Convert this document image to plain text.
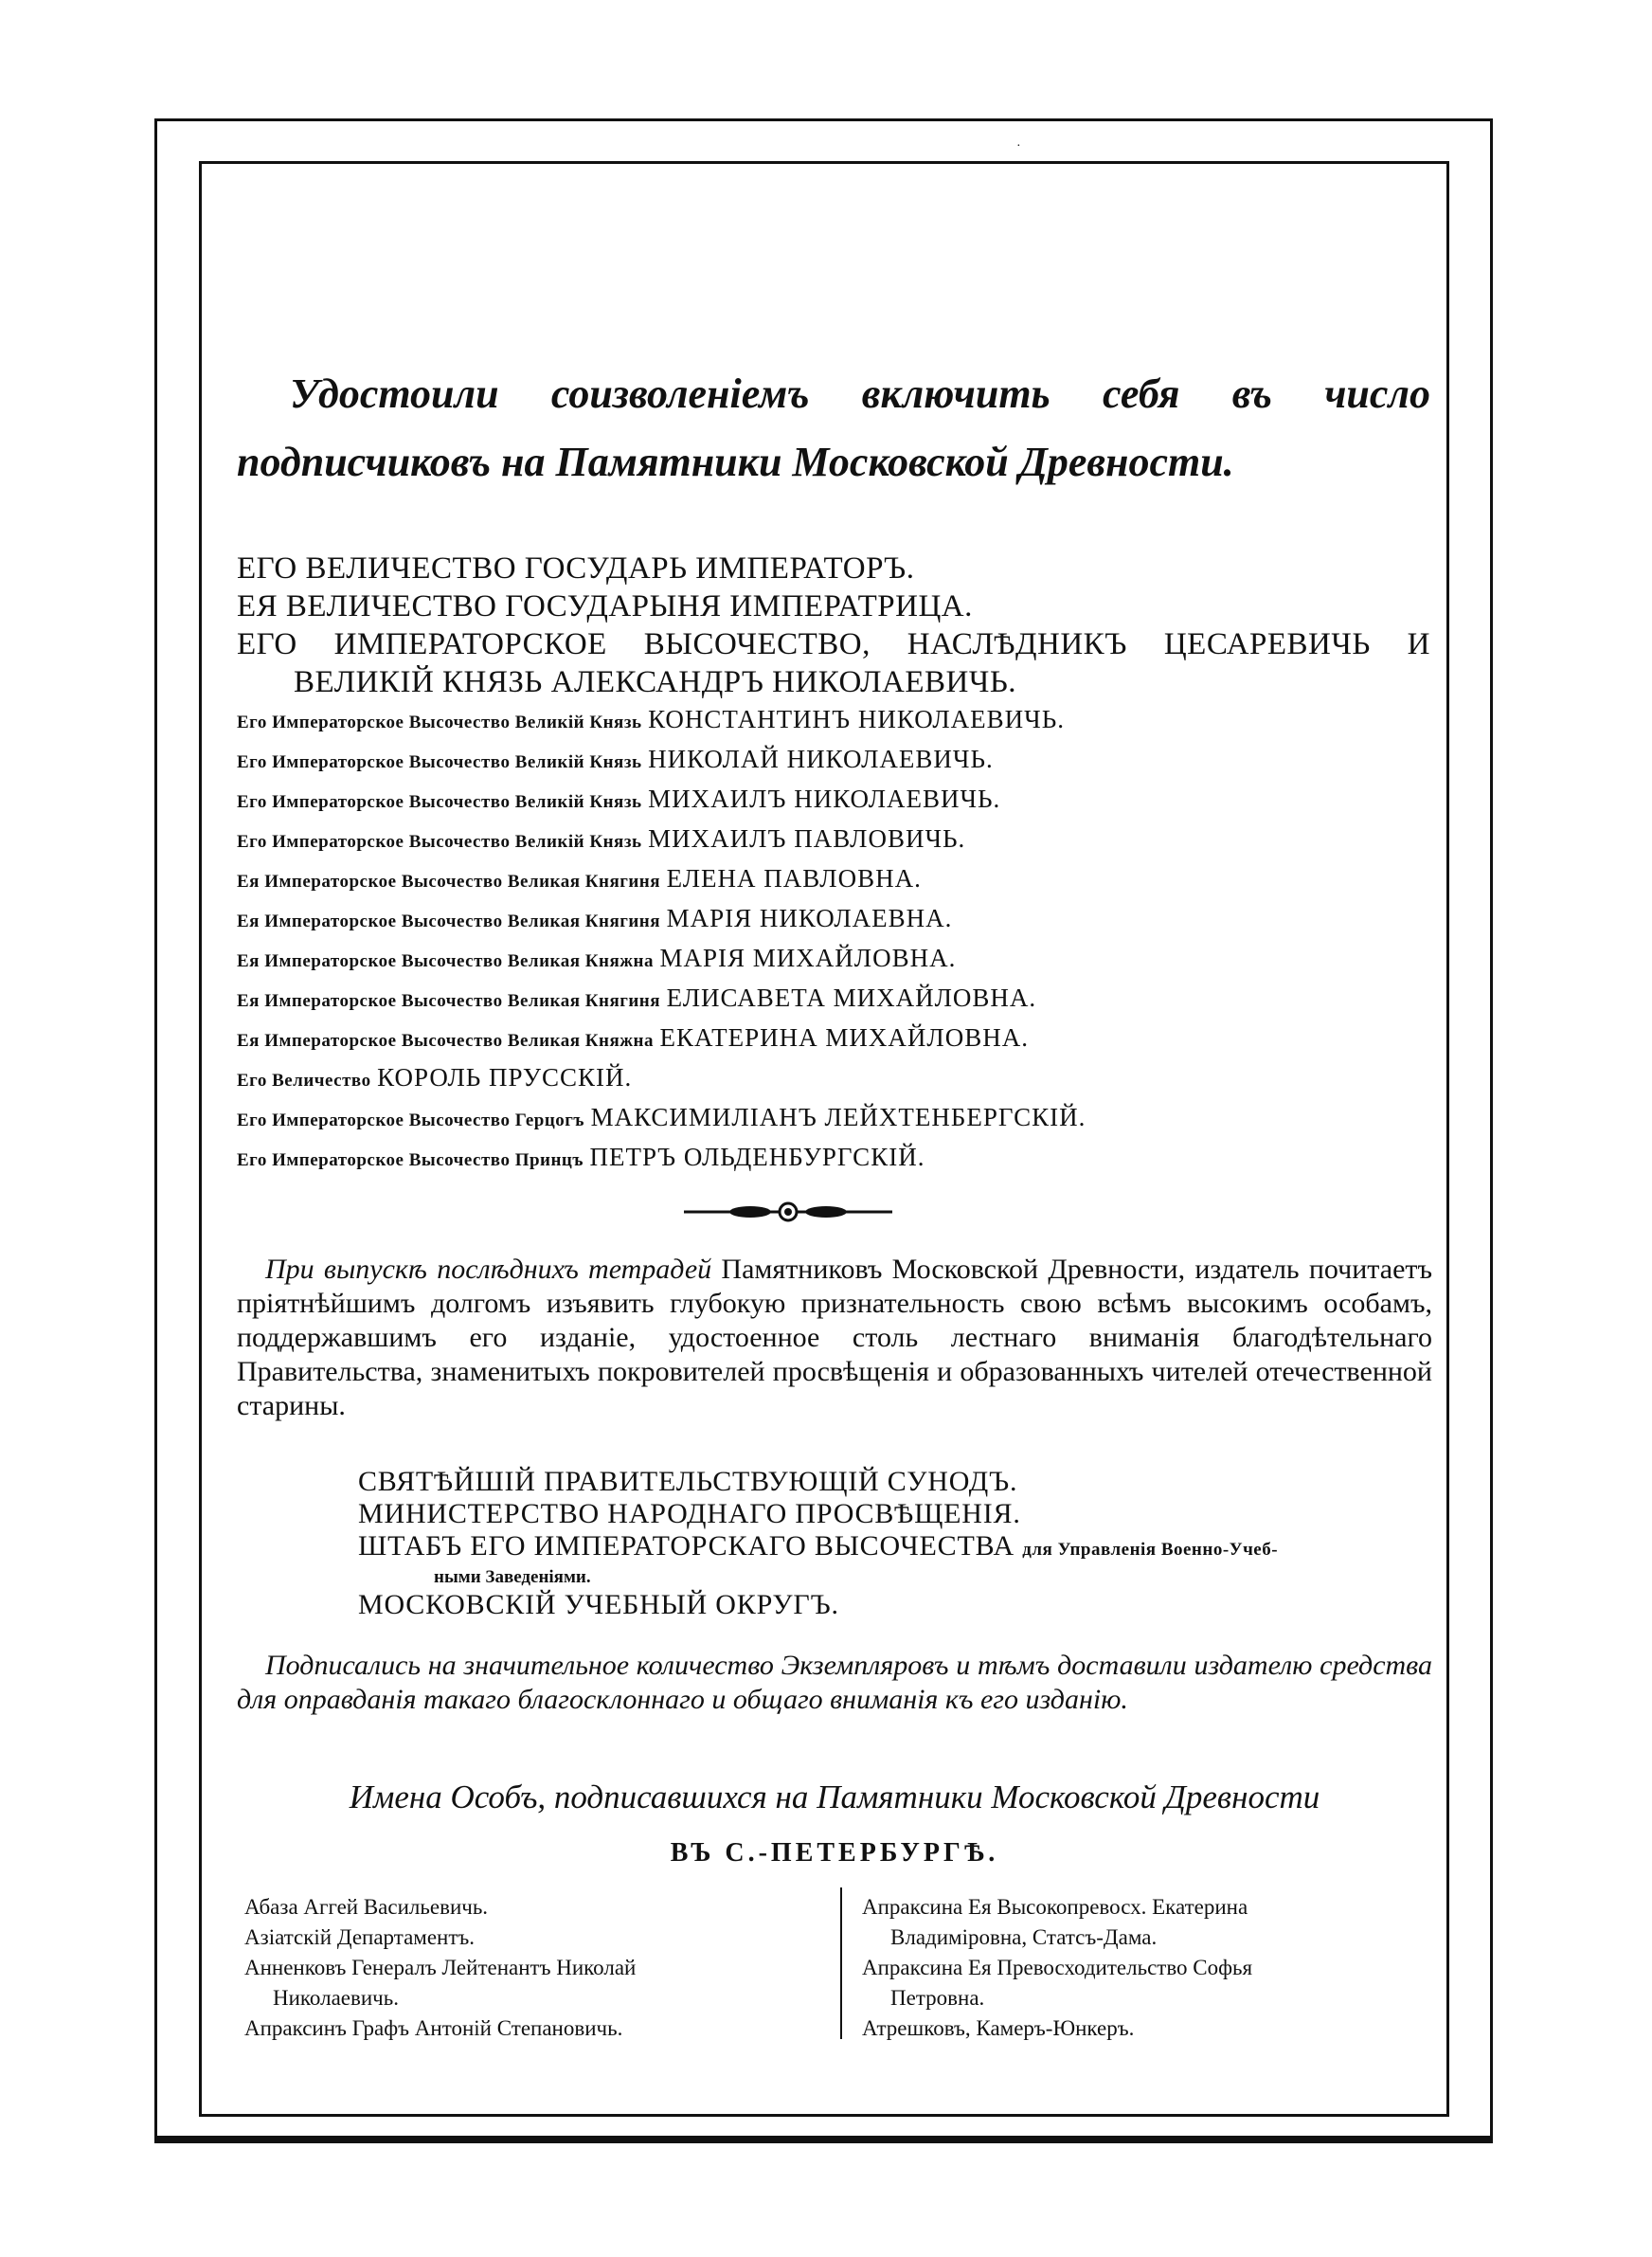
·
Удостоили соизволеніемъ включить себя въ число
подписчиковъ на Памятники Московской Древности.
ЕГО ВЕЛИЧЕСТВО ГОСУДАРЬ ИМПЕРАТОРЪ.
ЕЯ ВЕЛИЧЕСТВО ГОСУДАРЫНЯ ИМПЕРАТРИЦА.
ЕГО ИМПЕРАТОРСКОЕ ВЫСОЧЕСТВО, НАСЛѢДНИКЪ ЦЕСАРЕВИЧЬ И
ВЕЛИКІЙ КНЯЗЬ АЛЕКСАНДРЪ НИКОЛАЕВИЧЬ.
Его Императорское Высочество Великій Князь КОНСТАНТИНЪ НИКОЛАЕВИЧЬ.
Его Императорское Высочество Великій Князь НИКОЛАЙ НИКОЛАЕВИЧЬ.
Его Императорское Высочество Великій Князь МИХАИЛЪ НИКОЛАЕВИЧЬ.
Его Императорское Высочество Великій Князь МИХАИЛЪ ПАВЛОВИЧЬ.
Ея Императорское Высочество Великая Княгиня ЕЛЕНА ПАВЛОВНА.
Ея Императорское Высочество Великая Княгиня МАРІЯ НИКОЛАЕВНА.
Ея Императорское Высочество Великая Княжна МАРІЯ МИХАЙЛОВНА.
Ея Императорское Высочество Великая Княгиня ЕЛИСАВЕТА МИХАЙЛОВНА.
Ея Императорское Высочество Великая Княжна ЕКАТЕРИНА МИХАЙЛОВНА.
Его Величество КОРОЛЬ ПРУССКІЙ.
Его Императорское Высочество Герцогъ МАКСИМИЛІАНЪ ЛЕЙХТЕНБЕРГСКІЙ.
Его Императорское Высочество Принцъ ПЕТРЪ ОЛЬДЕНБУРГСКІЙ.
При выпускѣ послѣднихъ тетрадей Памятниковъ Московской Древности, издатель почитаетъ пріятнѣйшимъ долгомъ изъявить глубокую признательность свою всѣмъ высокимъ особамъ, поддержавшимъ его изданіе, удостоенное столь лестнаго вниманія благодѣтельнаго Правительства, знаменитыхъ покровителей просвѣщенія и образованныхъ чителей отечественной старины.
СВЯТѢЙШІЙ ПРАВИТЕЛЬСТВУЮЩІЙ СУНОДЪ.
МИНИСТЕРСТВО НАРОДНАГО ПРОСВѢЩЕНІЯ.
ШТАБЪ ЕГО ИМПЕРАТОРСКАГО ВЫСОЧЕСТВА для Управленія Военно-Учеб-
ными Заведеніями.
МОСКОВСКІЙ УЧЕБНЫЙ ОКРУГЪ.
Подписались на значительное количество Экземпляровъ и тѣмъ доставили издателю средства для оправданія такаго благосклоннаго и общаго вниманія къ его изданію.
Имена Особъ, подписавшихся на Памятники Московской Древности
ВЪ С.-ПЕТЕРБУРГѢ.
Абаза Аггей Васильевичь.
Азіатскій Департаментъ.
Анненковъ Генералъ Лейтенантъ Николай
Николаевичь.
Апраксинъ Графъ Антоній Степановичь.
Апраксина Ея Высокопревосх. Екатерина
Владиміровна, Статсъ-Дама.
Апраксина Ея Превосходительство Софья
Петровна.
Атрешковъ, Камеръ-Юнкеръ.
